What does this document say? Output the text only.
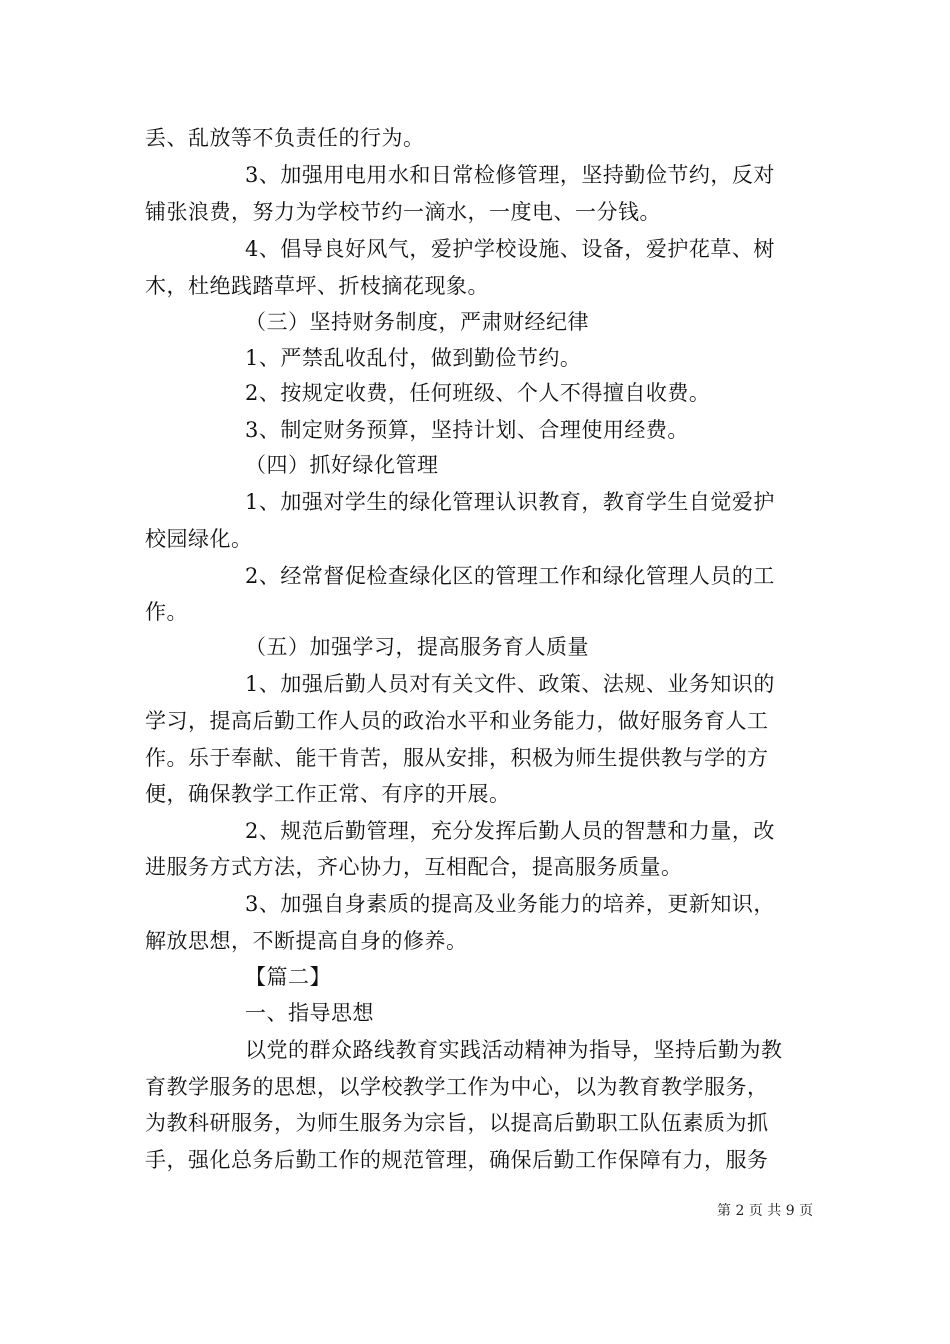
丢、乱放等不负责任的行为。
3、加强用电用水和日常检修管理，坚持勤俭节约，反对
铺张浪费，努力为学校节约一滴水，一度电、一分钱。
4、倡导良好风气，爱护学校设施、设备，爱护花草、树
木，杜绝践踏草坪、折枝摘花现象。
（三）坚持财务制度，严肃财经纪律
1、严禁乱收乱付，做到勤俭节约。
2、按规定收费，任何班级、个人不得擅自收费。
3、制定财务预算，坚持计划、合理使用经费。
（四）抓好绿化管理
1、加强对学生的绿化管理认识教育，教育学生自觉爱护
校园绿化。
2、经常督促检查绿化区的管理工作和绿化管理人员的工
作。
（五）加强学习，提高服务育人质量
1、加强后勤人员对有关文件、政策、法规、业务知识的
学习，提高后勤工作人员的政治水平和业务能力，做好服务育人工
作。乐于奉献、能干肯苦，服从安排，积极为师生提供教与学的方
便，确保教学工作正常、有序的开展。
2、规范后勤管理，充分发挥后勤人员的智慧和力量，改
进服务方式方法，齐心协力，互相配合，提高服务质量。
3、加强自身素质的提高及业务能力的培养，更新知识，
解放思想，不断提高自身的修养。
【篇二】
一、指导思想
以党的群众路线教育实践活动精神为指导，坚持后勤为教
育教学服务的思想，以学校教学工作为中心，以为教育教学服务，
为教科研服务，为师生服务为宗旨，以提高后勤职工队伍素质为抓
手，强化总务后勤工作的规范管理，确保后勤工作保障有力，服务
第 2 页 共 9 页
